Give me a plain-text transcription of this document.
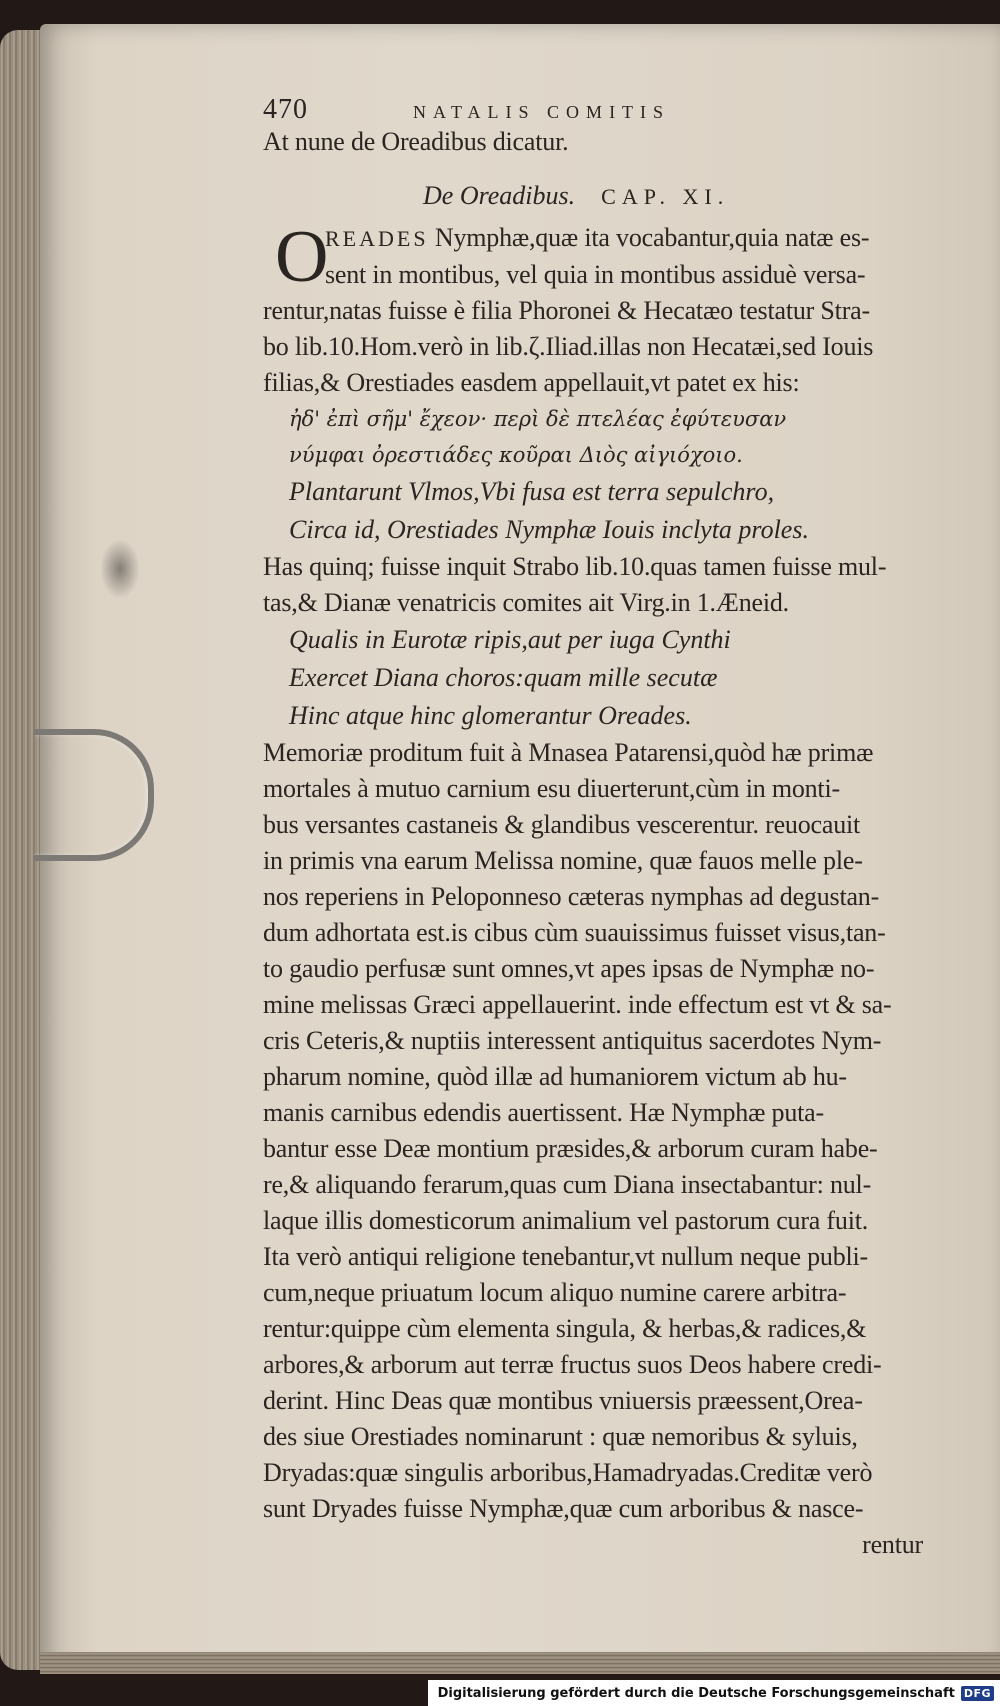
470	NATALIS COMITIS
At nune de Oreadibus dicatur.
De Oreadibus. CAP. XI.
READES Nymphæ,quæ ita vocabantur,quia natæ es-
sent in montibus, vel quia in montibus assiduè versa-
rentur,natas fuisse è filia Phoronei & Hecatæo testatur Stra-
bo lib.10.Hom.verò in lib.ζ.Iliad.illas non Hecatæi,sed Iouis
filias,& Orestiades easdem appellauit,vt patet ex his:
ἠδ' ἐπὶ σῆμ' ἔχεον· περὶ δὲ πτελέας ἐφύτευσαν
νύμφαι ὀρεστιάδες κοῦραι Διὸς αἰγιόχοιο.
Plantarunt Vlmos,Vbi fusa est terra sepulchro,
Circa id, Orestiades Nymphæ Iouis inclyta proles.
Has quinq; fuisse inquit Strabo lib.10.quas tamen fuisse mul-
tas,& Dianæ venatricis comites ait Virg.in 1.Æneid.
Qualis in Eurotæ ripis,aut per iuga Cynthi
Exercet Diana choros:quam mille secutæ
Hinc atque hinc glomerantur Oreades.
Memoriæ proditum fuit à Mnasea Patarensi,quòd hæ primæ
mortales à mutuo carnium esu diuerterunt,cùm in monti-
bus versantes castaneis & glandibus vescerentur. reuocauit
in primis vna earum Melissa nomine, quæ fauos melle ple-
nos reperiens in Peloponneso cæteras nymphas ad degustan-
dum adhortata est.is cibus cùm suauissimus fuisset visus,tan-
to gaudio perfusæ sunt omnes,vt apes ipsas de Nymphæ no-
mine melissas Græci appellauerint. inde effectum est vt & sa-
cris Ceteris,& nuptiis interessent antiquitus sacerdotes Nym-
pharum nomine, quòd illæ ad humaniorem victum ab hu-
manis carnibus edendis auertissent. Hæ Nymphæ puta-
bantur esse Deæ montium præsides,& arborum curam habe-
re,& aliquando ferarum,quas cum Diana insectabantur: nul-
laque illis domesticorum animalium vel pastorum cura fuit.
Ita verò antiqui religione tenebantur,vt nullum neque publi-
cum,neque priuatum locum aliquo numine carere arbitra-
rentur:quippe cùm elementa singula, & herbas,& radices,&
arbores,& arborum aut terræ fructus suos Deos habere credi-
derint. Hinc Deas quæ montibus vniuersis præessent,Orea-
des siue Orestiades nominarunt : quæ nemoribus & syluis,
Dryadas:quæ singulis arboribus,Hamadryadas.Creditæ verò
sunt Dryades fuisse Nymphæ,quæ cum arboribus & nasce-
rentur
O
Digitalisierung gefördert durch die Deutsche Forschungsgemeinschaft DFG
